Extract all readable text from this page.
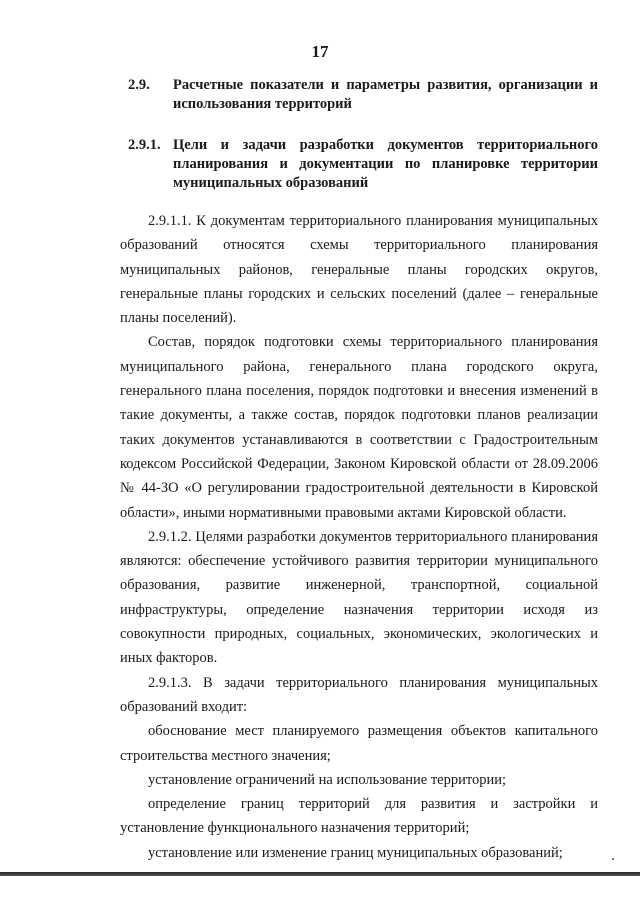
17
2.9.	Расчетные показатели и параметры развития, организации и использования территорий
2.9.1. Цели и задачи разработки документов территориального планирования и документации по планировке территории муниципальных образований

2.9.1.1. К документам территориального планирования муниципальных образований относятся схемы территориального планирования муниципальных районов, генеральные планы городских округов, генеральные планы городских и сельских поселений (далее – генеральные планы поселений).

Состав, порядок подготовки схемы территориального планирования муниципального района, генерального плана городского округа, генерального плана поселения, порядок подготовки и внесения изменений в такие документы, а также состав, порядок подготовки планов реализации таких документов устанавливаются в соответствии с Градостроительным кодексом Российской Федерации, Законом Кировской области от 28.09.2006 № 44-ЗО «О регулировании градостроительной деятельности в Кировской области», иными нормативными правовыми актами Кировской области.

2.9.1.2. Целями разработки документов территориального планирования являются: обеспечение устойчивого развития территории муниципального образования, развитие инженерной, транспортной, социальной инфраструктуры, определение назначения территории исходя из совокупности природных, социальных, экономических, экологических и иных факторов.

2.9.1.3. В задачи территориального планирования муниципальных образований входит:

обоснование мест планируемого размещения объектов капитального строительства местного значения;

установление ограничений на использование территории;

определение границ территорий для развития и застройки и установление функционального назначения территорий;

установление или изменение границ муниципальных образований;
